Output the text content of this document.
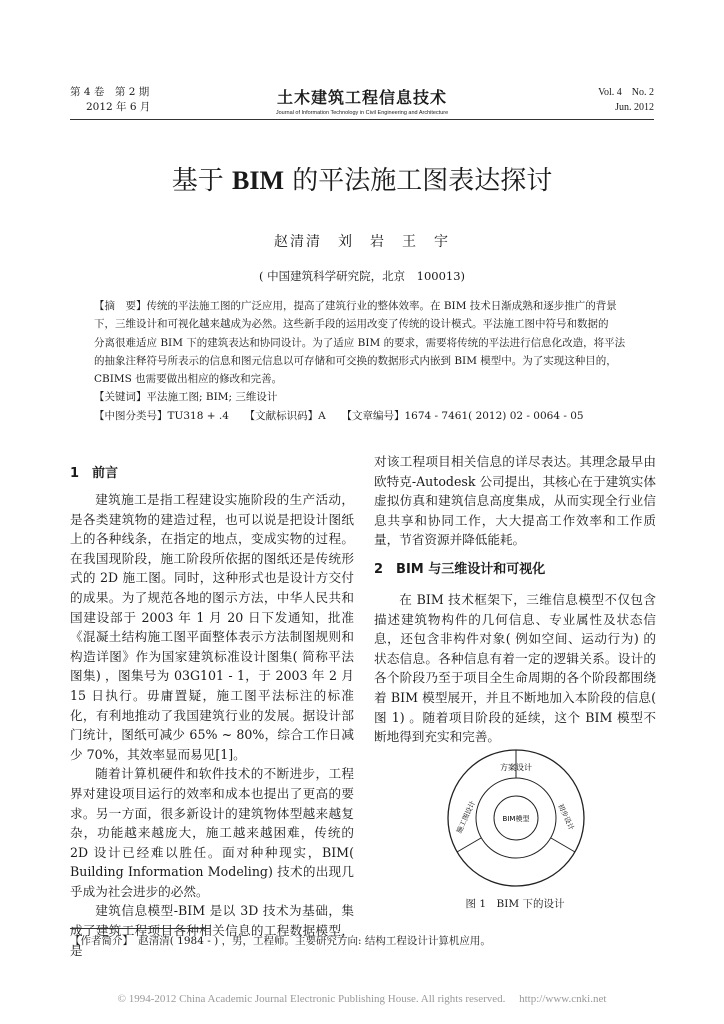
第 4 卷　第 2 期
2012 年 6 月	土木建筑工程信息技术
Journal of Information Technology in Civil Engineering and Architecture
Vol. 4　No. 2
Jun. 2012
基于 BIM 的平法施工图表达探讨
赵清清　刘　岩　王　宇
( 中国建筑科学研究院，北京　100013)

【摘　要】传统的平法施工图的广泛应用，提高了建筑行业的整体效率。在 BIM 技术日渐成熟和逐步推广的背景

下，三维设计和可视化越来越成为必然。这些新手段的运用改变了传统的设计模式。平法施工图中符号和数据的

分离很难适应 BIM 下的建筑表达和协同设计。为了适应 BIM 的要求，需要将传统的平法进行信息化改造，将平法

的抽象注释符号所表示的信息和图元信息以可存储和可交换的数据形式内嵌到 BIM 模型中。为了实现这种目的，

CBIMS 也需要做出相应的修改和完善。

【关键词】平法施工图; BIM; 三维设计

【中图分类号】TU318 + .4　　【文献标识码】A　　【文章编号】1674 - 7461( 2012) 02 - 0064 - 05

1　前言

建筑施工是指工程建设实施阶段的生产活动，是各类建筑物的建造过程，也可以说是把设计图纸上的各种线条，在指定的地点，变成实物的过程。在我国现阶段，施工阶段所依据的图纸还是传统形式的 2D 施工图。同时，这种形式也是设计方交付的成果。为了规范各地的图示方法，中华人民共和国建设部于 2003 年 1 月 20 日下发通知，批准《混凝土结构施工图平面整体表示方法制图规则和构造详图》作为国家建筑标准设计图集( 简称平法图集) ，图集号为 03G101 - 1，于 2003 年 2 月 15 日执行。毋庸置疑，施工图平法标注的标准化，有利地推动了我国建筑行业的发展。据设计部门统计，图纸可减少 65% ~ 80%，综合工作日减少 70%，其效率显而易见[1]。

随着计算机硬件和软件技术的不断进步，工程界对建设项目运行的效率和成本也提出了更高的要求。另一方面，很多新设计的建筑物体型越来越复杂，功能越来越庞大，施工越来越困难，传统的 2D 设计已经难以胜任。面对种种现实，BIM( Building Information Modeling) 技术的出现几乎成为社会进步的必然。

建筑信息模型-BIM 是以 3D 技术为基础，集成了建筑工程项目各种相关信息的工程数据模型，是

对该工程项目相关信息的详尽表达。其理念最早由欧特克-Autodesk 公司提出，其核心在于建筑实体虚拟仿真和建筑信息高度集成，从而实现全行业信息共享和协同工作，大大提高工作效率和工作质量，节省资源并降低能耗。

2　BIM 与三维设计和可视化

在 BIM 技术框架下，三维信息模型不仅包含描述建筑物构件的几何信息、专业属性及状态信息，还包含非构件对象( 例如空间、运动行为) 的状态信息。各种信息有着一定的逻辑关系。设计的各个阶段乃至于项目全生命周期的各个阶段都围绕着 BIM 模型展开，并且不断地加入本阶段的信息( 图 1) 。随着项目阶段的延续，这个 BIM 模型不断地得到充实和完善。

方案设计
BIM模型
施工图设计	初步设计
图 1　BIM 下的设计
【作者简介】　赵清清( 1984 - ) ，男，工程师。主要研究方向: 结构工程设计计算机应用。
© 1994-2012 China Academic Journal Electronic Publishing House. All rights reserved.　 http://www.cnki.net
